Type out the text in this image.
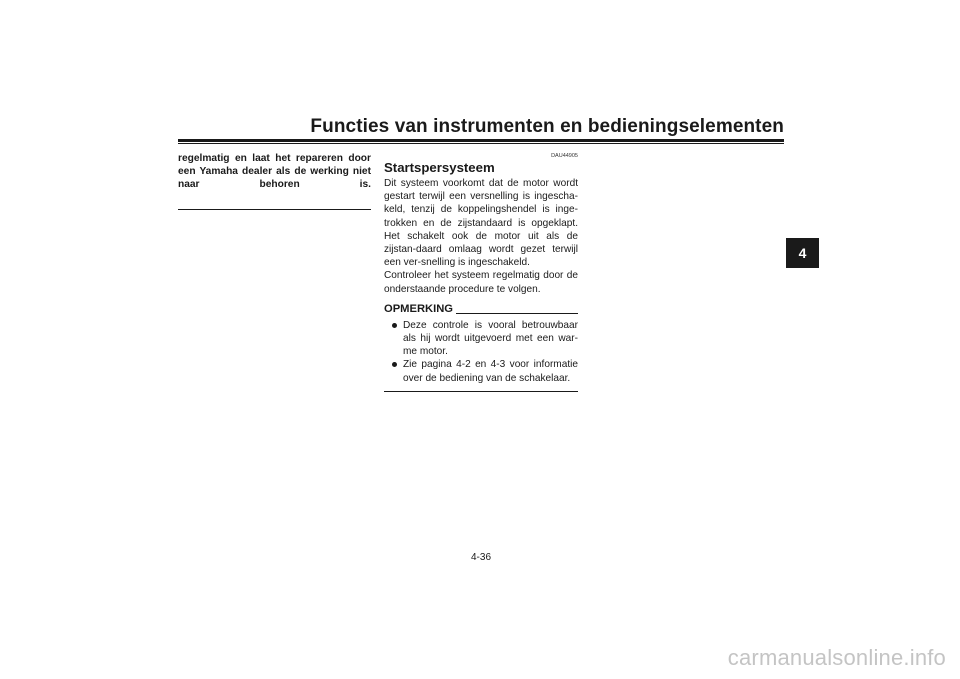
Functies van instrumenten en bedieningselementen
4

regelmatig en laat het repareren door een Yamaha dealer als de werking niet naar behoren is.

DAU44905
Startspersysteem

Dit systeem voorkomt dat de motor wordt gestart terwijl een versnelling is ingescha-keld, tenzij de koppelingshendel is inge-trokken en de zijstandaard is opgeklapt. Het schakelt ook de motor uit als de zijstan-daard omlaag wordt gezet terwijl een ver-snelling is ingeschakeld.

Controleer het systeem regelmatig door de onderstaande procedure te volgen.

OPMERKING
Deze controle is vooral betrouwbaar als hij wordt uitgevoerd met een war-me motor.
Zie pagina 4-2 en 4-3 voor informatie over de bediening van de schakelaar.
4-36
carmanualsonline.info
